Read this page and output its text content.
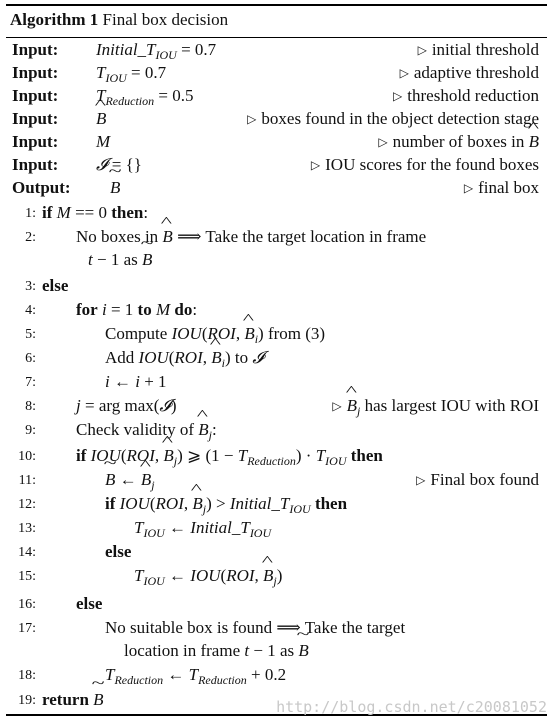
Algorithm 1 Final box decision
Input: $Initial\_T_{IOU} = 0.7$	▷ initial threshold
Input: $T_{IOU} = 0.7$	▷ adaptive threshold
Input: $T_{Reduction} = 0.5$	▷ threshold reduction
Input: ^ B	▷ boxes found in the object detection stage
Input: M	▷ number of boxes in ^ B
Input: 𝓘 = {}	▷ IOU scores for the found boxes
Output: ~ B	▷ final box
1: if M == 0 then:
2: No boxes in ^ B ⟹ Take the target location in frame
t − 1 as ~ B
3: else
4: for i = 1 to M do:
5:	Compute IOU(ROI, ^ $B_i$) from (3)
6:	Add IOU(ROI, ^ $B_i$) to 𝓘
7:	i ← i + 1
8: j = arg max(𝓘)	▷ ^ $B_j$ has largest IOU with ROI
9: Check validity of ^ $B_j$:
10: if IOU(ROI, ^ $B_j$) ⩾ $(1 - T_{Reduction}) \cdot T_{IOU}$ then
11:	~ B ← ^ $B_j$	▷ Final box found
12:	if IOU(ROI, ^ $B_j$) > $Initial\_T_{IOU}$ then
13:	$T_{IOU}$ ← $Initial\_T_{IOU}$
14:	else
15:	$T_{IOU}$ ← IOU(ROI, ^ $B_j$)
16: else
17:	No suitable box is found ⟹ Take the target
location in frame t − 1 as ~ B
18:	$T_{Reduction}$ ← $T_{Reduction} + 0.2$
19: return ~ B	http://blog.csdn.net/c20081052
